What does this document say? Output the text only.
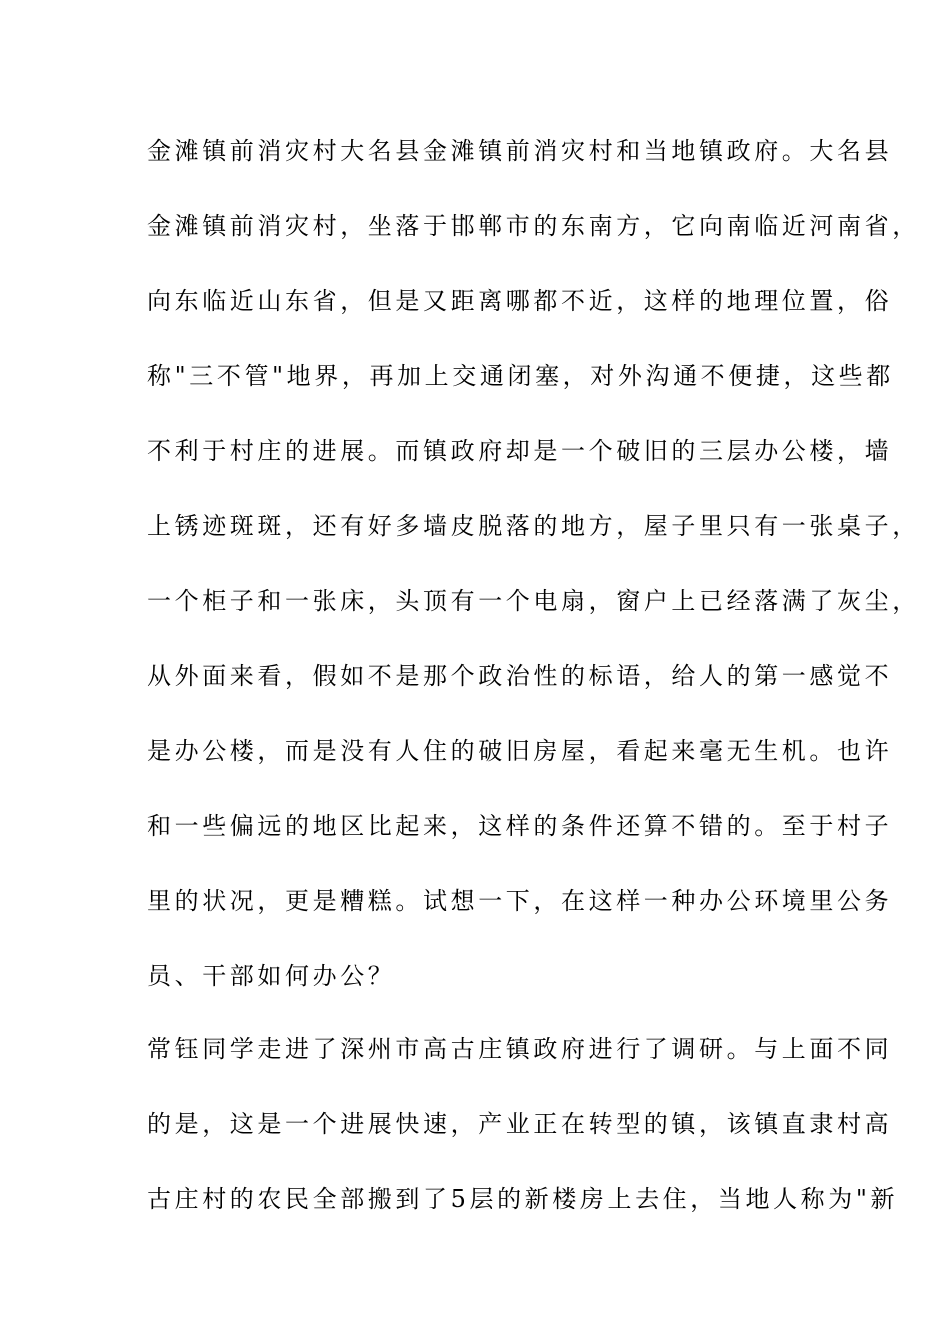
金滩镇前消灾村大名县金滩镇前消灾村和当地镇政府。大名县
金滩镇前消灾村，坐落于邯郸市的东南方，它向南临近河南省，
向东临近山东省，但是又距离哪都不近，这样的地理位置，俗
称"三不管"地界，再加上交通闭塞，对外沟通不便捷，这些都
不利于村庄的进展。而镇政府却是一个破旧的三层办公楼，墙
上锈迹斑斑，还有好多墙皮脱落的地方，屋子里只有一张桌子，
一个柜子和一张床，头顶有一个电扇，窗户上已经落满了灰尘，
从外面来看，假如不是那个政治性的标语，给人的第一感觉不
是办公楼，而是没有人住的破旧房屋，看起来毫无生机。也许
和一些偏远的地区比起来，这样的条件还算不错的。至于村子
里的状况，更是糟糕。试想一下，在这样一种办公环境里公务
员、干部如何办公？
常钰同学走进了深州市高古庄镇政府进行了调研。与上面不同
的是，这是一个进展快速，产业正在转型的镇，该镇直隶村高
古庄村的农民全部搬到了5层的新楼房上去住，当地人称为"新
